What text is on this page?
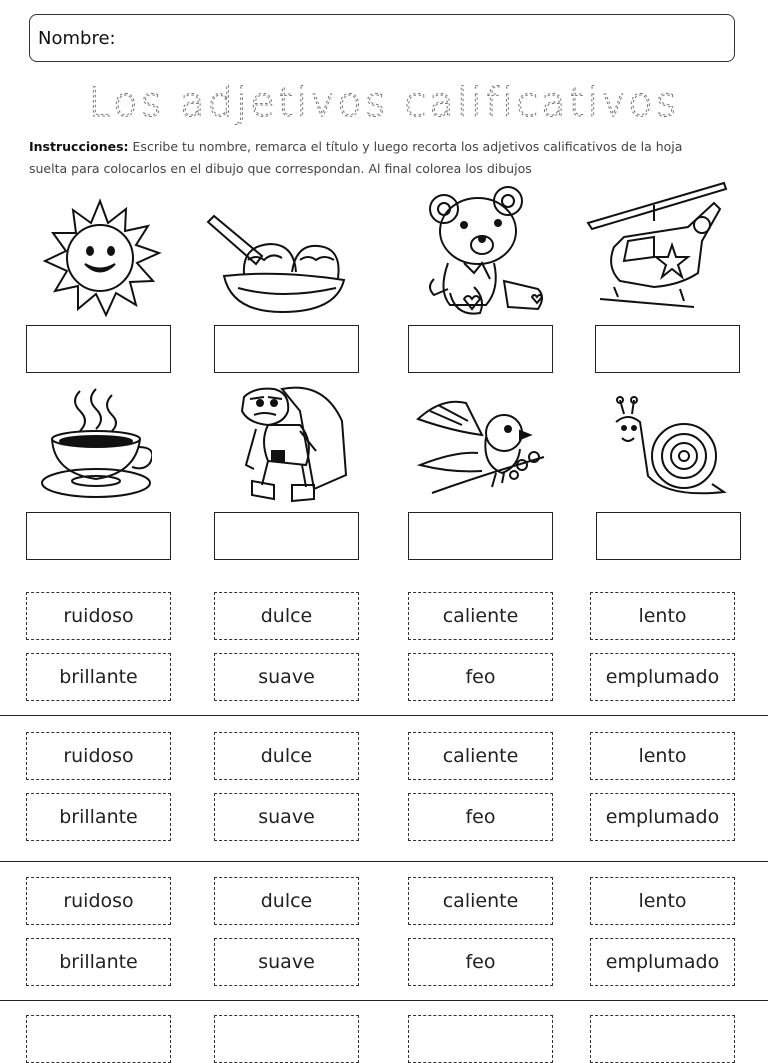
Nombre:
Los adjetivos calificativos
Instrucciones: Escribe tu nombre, remarca el título y luego recorta los adjetivos calificativos de la hoja
suelta para colocarlos en el dibujo que correspondan. Al final colorea los dibujos
ruidoso	dulce	caliente	lento
brillante	suave	feo	emplumado
ruidoso	dulce	caliente	lento
brillante	suave	feo	emplumado
ruidoso	dulce	caliente	lento
brillante	suave	feo	emplumado
